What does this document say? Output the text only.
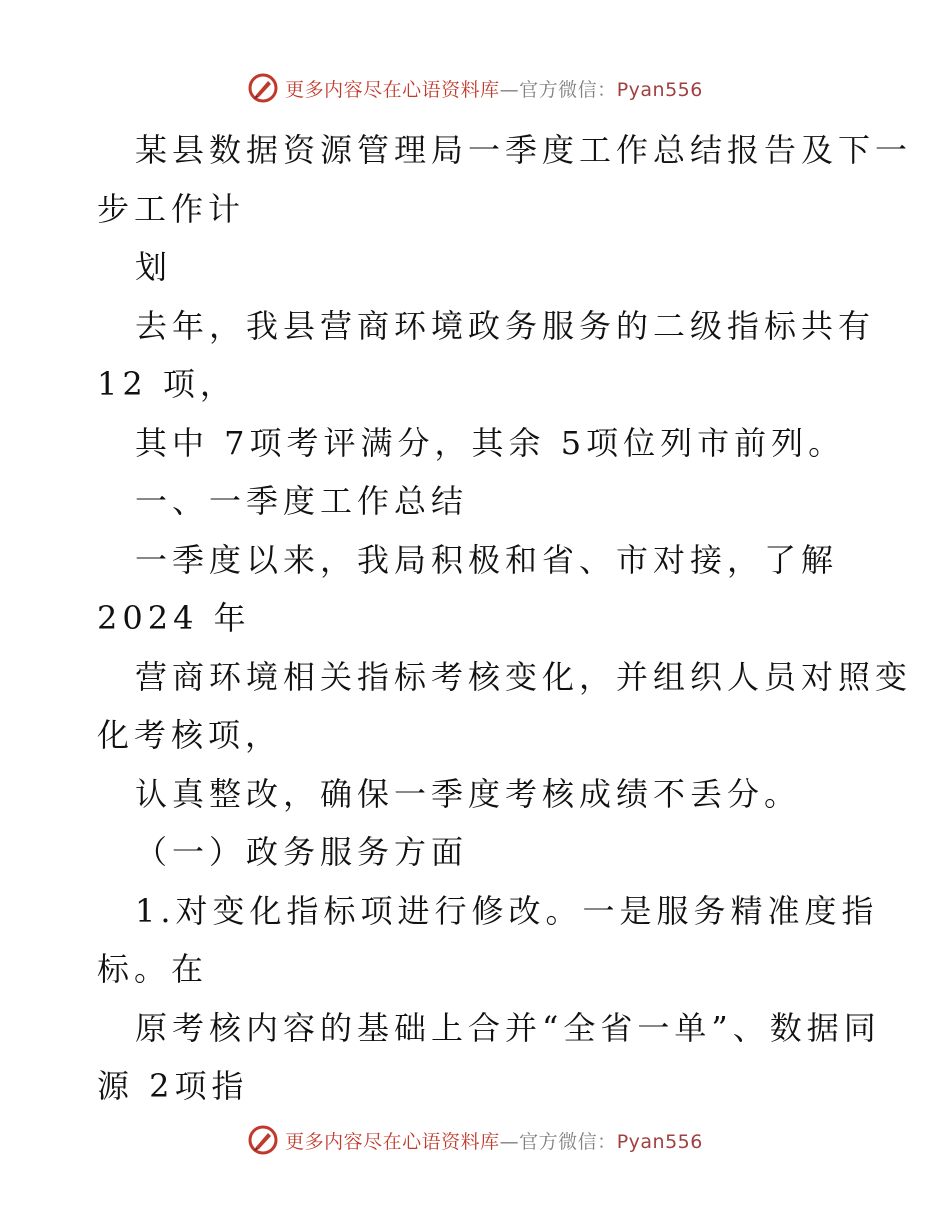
更多内容尽在心语资料库—官方微信：Pyan556
某县数据资源管理局一季度工作总结报告及下一
步工作计
划
去年，我县营商环境政务服务的二级指标共有
12 项，
其中 7项考评满分，其余 5项位列市前列。
一、一季度工作总结
一季度以来，我局积极和省、市对接，了解
2024 年
营商环境相关指标考核变化，并组织人员对照变
化考核项，
认真整改，确保一季度考核成绩不丢分。
（一）政务服务方面
1.对变化指标项进行修改。一是服务精准度指
标。在
原考核内容的基础上合并“全省一单”、数据同
源 2项指
更多内容尽在心语资料库—官方微信：Pyan556
